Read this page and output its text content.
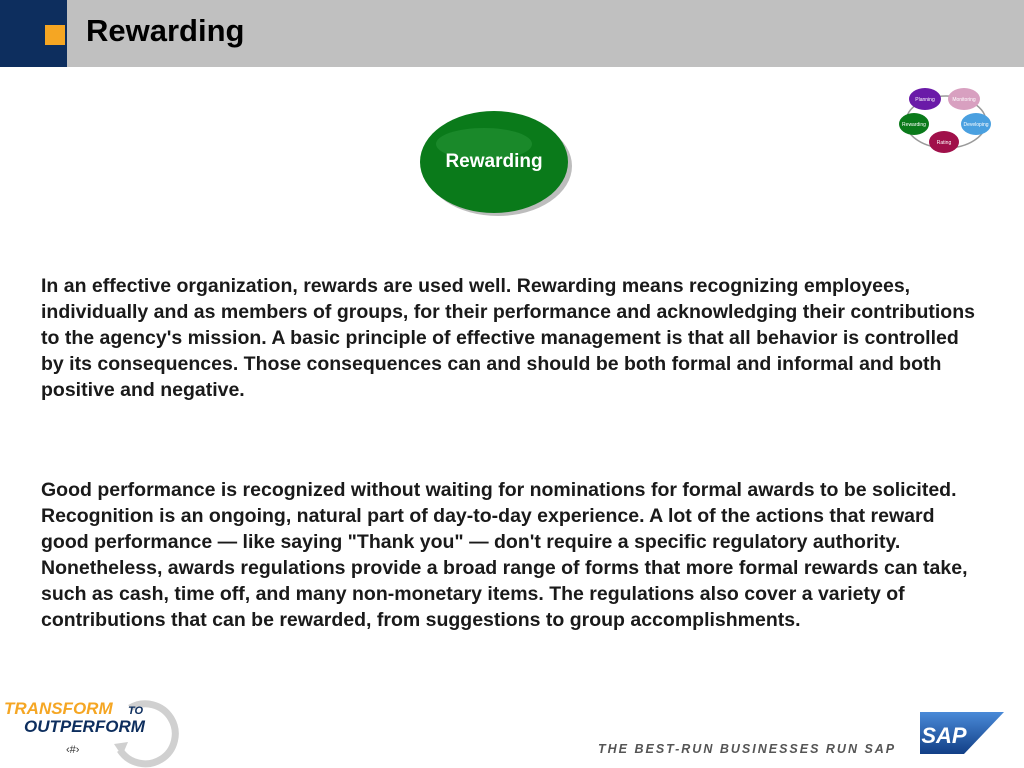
Rewarding
Rewarding
Planning	Monitoring
Developing
Rating
Rewarding

In an effective organization, rewards are used well. Rewarding means recognizing employees, individually and as members of groups, for their performance and acknowledging their contributions to the agency's mission. A basic principle of effective management is that all behavior is controlled by its consequences. Those consequences can and should be both formal and informal and both positive and negative.

Good performance is recognized without waiting for nominations for formal awards to be solicited. Recognition is an ongoing, natural part of day-to-day experience. A lot of the actions that reward good performance — like saying "Thank you" — don't require a specific regulatory authority. Nonetheless, awards regulations provide a broad range of forms that more formal rewards can take, such as cash, time off, and many non-monetary items. The regulations also cover a variety of contributions that can be rewarded, from suggestions to group accomplishments.

TRANSFORM TO
OUTPERFORM
‹#›	THE BEST-RUN BUSINESSES RUN SAP
SAP
